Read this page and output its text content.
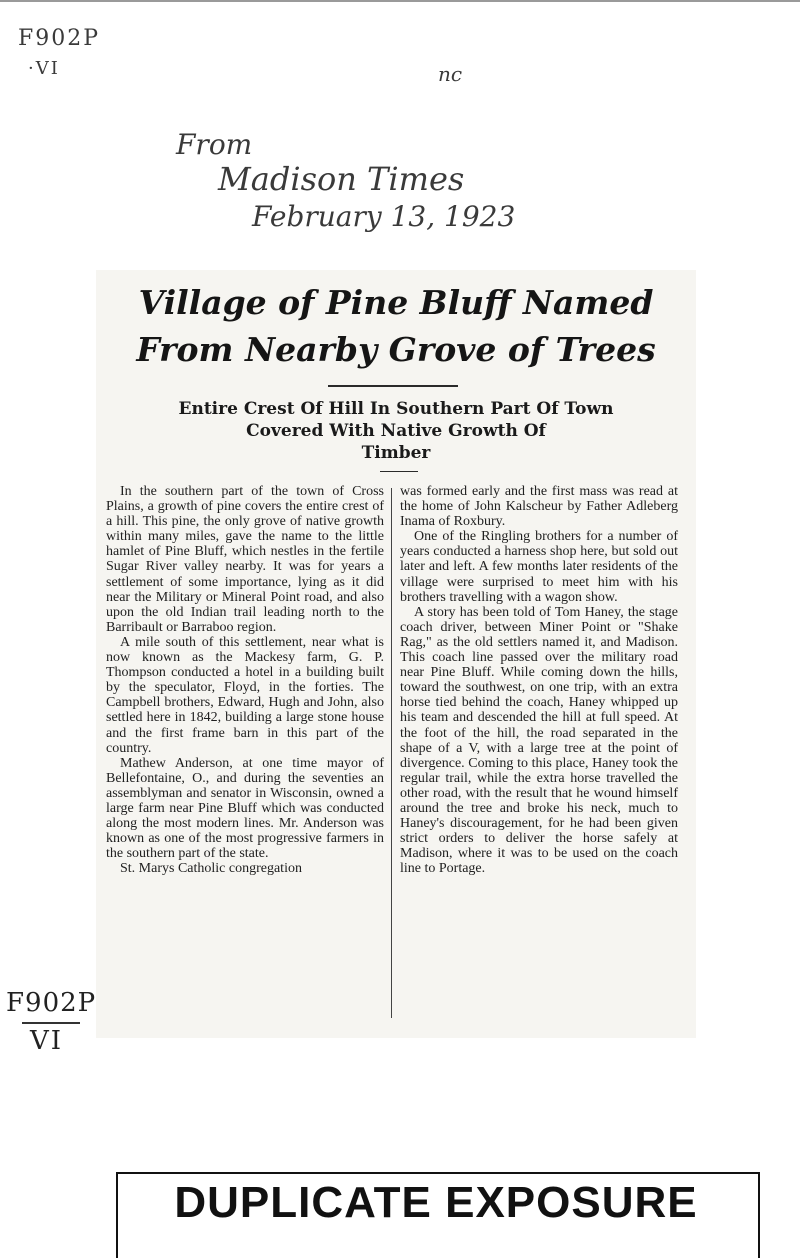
F902P
·VI	nc
From
Madison Times
February 13, 1923
Village of Pine Bluff Named
From Nearby Grove of Trees
Entire Crest Of Hill In Southern Part Of Town
Covered With Native Growth Of
Timber

In the southern part of the town of Cross Plains, a growth of pine covers the entire crest of a hill. This pine, the only grove of native growth within many miles, gave the name to the little hamlet of Pine Bluff, which nestles in the fertile Sugar River valley nearby. It was for years a settlement of some importance, lying as it did near the Military or Mineral Point road, and also upon the old Indian trail leading north to the Barribault or Barraboo region.

A mile south of this settlement, near what is now known as the Mackesy farm, G. P. Thompson conducted a hotel in a building built by the speculator, Floyd, in the forties. The Campbell brothers, Edward, Hugh and John, also settled here in 1842, building a large stone house and the first frame barn in this part of the country.

Mathew Anderson, at one time mayor of Bellefontaine, O., and during the seventies an assemblyman and senator in Wisconsin, owned a large farm near Pine Bluff which was conducted along the most modern lines. Mr. Anderson was known as one of the most progressive farmers in the southern part of the state.

St. Marys Catholic congregation

was formed early and the first mass was read at the home of John Kalscheur by Father Adleberg Inama of Roxbury.

One of the Ringling brothers for a number of years conducted a harness shop here, but sold out later and left. A few months later residents of the village were surprised to meet him with his brothers travelling with a wagon show.

A story has been told of Tom Haney, the stage coach driver, between Miner Point or "Shake Rag," as the old settlers named it, and Madison. This coach line passed over the military road near Pine Bluff. While coming down the hills, toward the southwest, on one trip, with an extra horse tied behind the coach, Haney whipped up his team and descended the hill at full speed. At the foot of the hill, the road separated in the shape of a V, with a large tree at the point of divergence. Coming to this place, Haney took the regular trail, while the extra horse travelled the other road, with the result that he wound himself around the tree and broke his neck, much to Haney's discouragement, for he had been given strict orders to deliver the horse safely at Madison, where it was to be used on the coach line to Portage.

F902P
VI
DUPLICATE EXPOSURE
